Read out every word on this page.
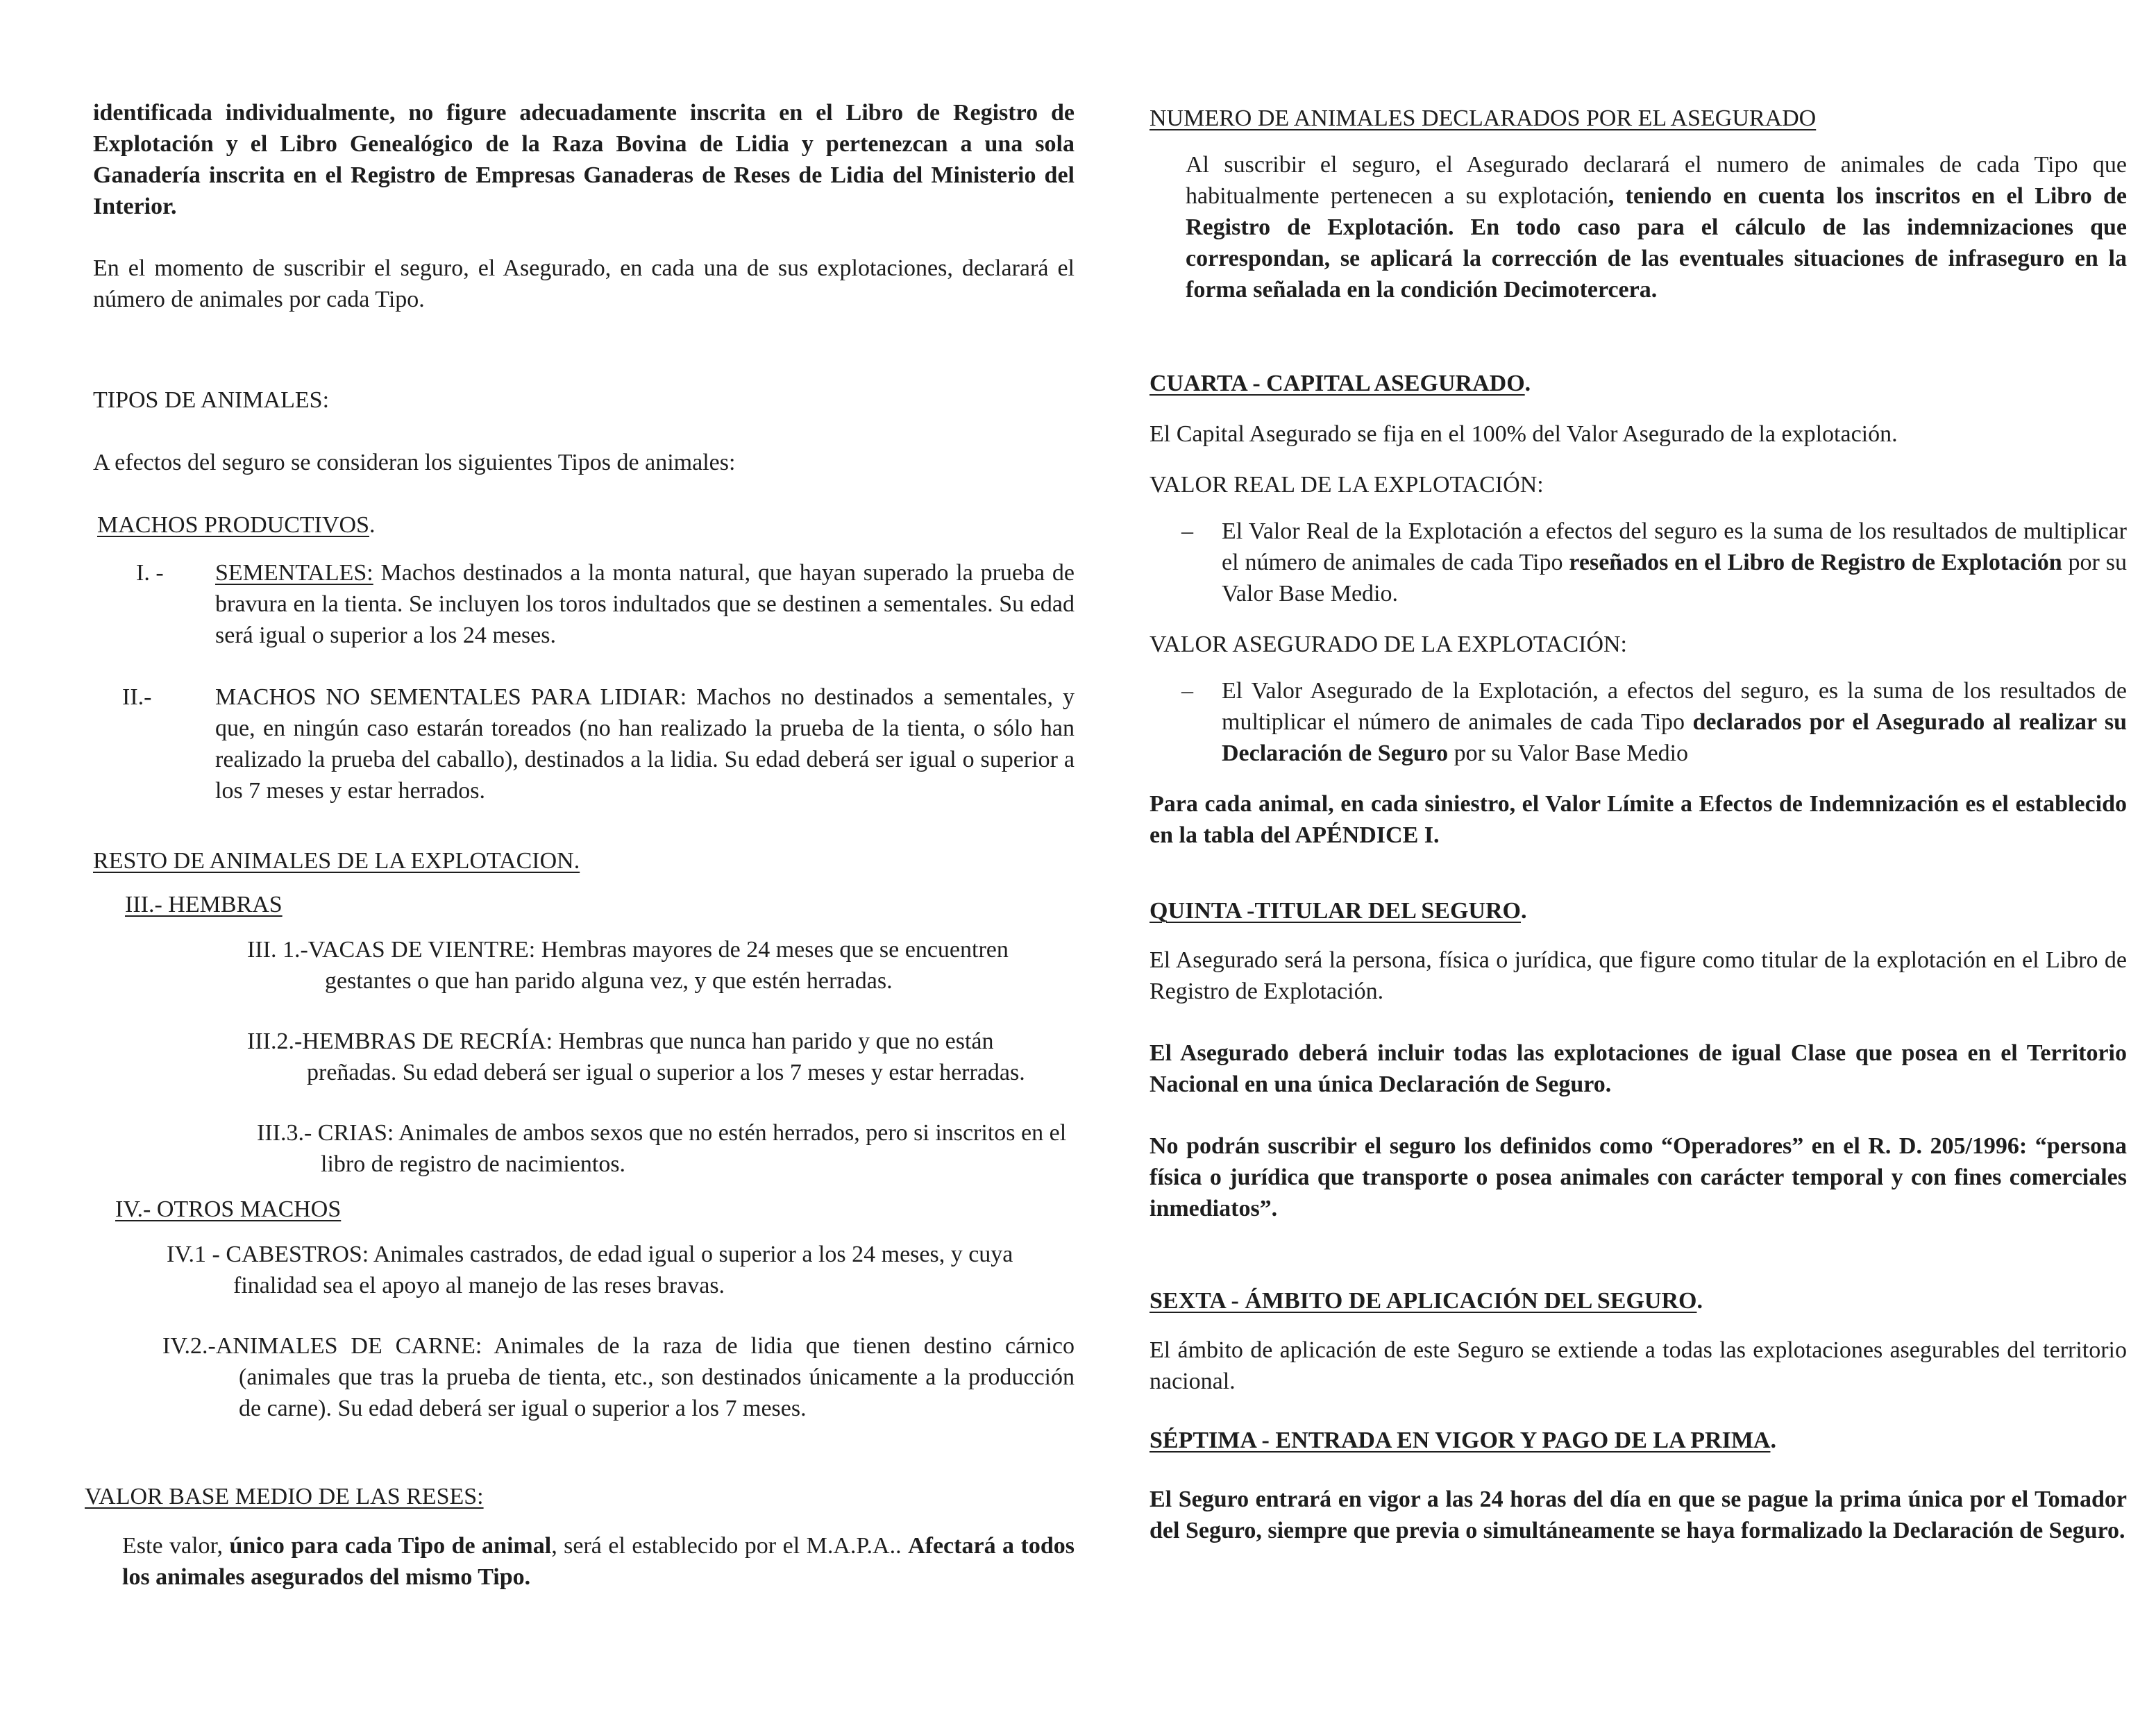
identificada individualmente, no figure adecuadamente inscrita en el Libro de Registro de Explotación y el Libro Genealógico de la Raza Bovina de Lidia y pertenezcan a una sola Ganadería inscrita en el Registro de Empresas Ganaderas de Reses de Lidia del Ministerio del Interior.

En el momento de suscribir el seguro, el Asegurado, en cada una de sus explotaciones, declarará el número de animales por cada Tipo.

TIPOS DE ANIMALES:

A efectos del seguro se consideran los siguientes Tipos de animales:

MACHOS PRODUCTIVOS.

I. -	SEMENTALES: Machos destinados a la monta natural, que hayan superado la prueba de bravura en la tienta. Se incluyen los toros indultados que se destinen a sementales. Su edad será igual o superior a los 24 meses.
II.-	MACHOS NO SEMENTALES PARA LIDIAR: Machos no destinados a sementales, y que, en ningún caso estarán toreados (no han realizado la prueba de la tienta, o sólo han realizado la prueba del caballo), destinados a la lidia. Su edad deberá ser igual o superior a los 7 meses y estar herrados.

RESTO DE ANIMALES DE LA EXPLOTACION.

III.- HEMBRAS

III. 1.-VACAS DE VIENTRE: Hembras mayores de 24 meses que se encuentren gestantes o que han parido alguna vez, y que estén herradas.

III.2.-HEMBRAS DE RECRÍA: Hembras que nunca han parido y que no están preñadas. Su edad deberá ser igual o superior a los 7 meses y estar herradas.

III.3.- CRIAS: Animales de ambos sexos que no estén herrados, pero si inscritos en el libro de registro de nacimientos.

IV.- OTROS MACHOS

IV.1 - CABESTROS: Animales castrados, de edad igual o superior a los 24 meses, y cuya finalidad sea el apoyo al manejo de las reses bravas.

IV.2.-ANIMALES DE CARNE: Animales de la raza de lidia que tienen destino cárnico (animales que tras la prueba de tienta, etc., son destinados únicamente a la producción de carne). Su edad deberá ser igual o superior a los 7 meses.

VALOR BASE MEDIO DE LAS RESES:

Este valor, único para cada Tipo de animal, será el establecido por el M.A.P.A.. Afectará a todos los animales asegurados del mismo Tipo.

NUMERO DE ANIMALES DECLARADOS POR EL ASEGURADO

Al suscribir el seguro, el Asegurado declarará el numero de animales de cada Tipo que habitualmente pertenecen a su explotación, teniendo en cuenta los inscritos en el Libro de Registro de Explotación. En todo caso para el cálculo de las indemnizaciones que correspondan, se aplicará la corrección de las eventuales situaciones de infraseguro en la forma señalada en la condición Decimotercera.

CUARTA - CAPITAL ASEGURADO.

El Capital Asegurado se fija en el 100% del Valor Asegurado de la explotación.

VALOR REAL DE LA EXPLOTACIÓN:

–	El Valor Real de la Explotación a efectos del seguro es la suma de los resultados de multiplicar el número de animales de cada Tipo reseñados en el Libro de Registro de Explotación por su Valor Base Medio.

VALOR ASEGURADO DE LA EXPLOTACIÓN:

–	El Valor Asegurado de la Explotación, a efectos del seguro, es la suma de los resultados de multiplicar el número de animales de cada Tipo declarados por el Asegurado al realizar su Declaración de Seguro por su Valor Base Medio

Para cada animal, en cada siniestro, el Valor Límite a Efectos de Indemnización es el establecido en la tabla del APÉNDICE I.

QUINTA -TITULAR DEL SEGURO.

El Asegurado será la persona, física o jurídica, que figure como titular de la explotación en el Libro de Registro de Explotación.

El Asegurado deberá incluir todas las explotaciones de igual Clase que posea en el Territorio Nacional en una única Declaración de Seguro.

No podrán suscribir el seguro los definidos como “Operadores” en el R. D. 205/1996: “persona física o jurídica que transporte o posea animales con carácter temporal y con fines comerciales inmediatos”.

SEXTA - ÁMBITO DE APLICACIÓN DEL SEGURO.

El ámbito de aplicación de este Seguro se extiende a todas las explotaciones asegurables del territorio nacional.

SÉPTIMA - ENTRADA EN VIGOR Y PAGO DE LA PRIMA.

El Seguro entrará en vigor a las 24 horas del día en que se pague la prima única por el Tomador del Seguro, siempre que previa o simultáneamente se haya formalizado la Declaración de Seguro.
